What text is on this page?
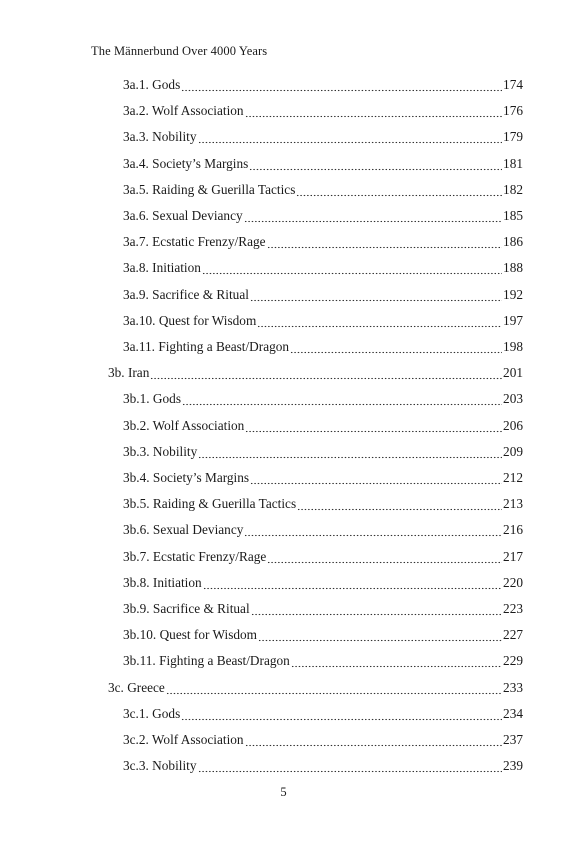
The Männerbund Over 4000 Years
3a.1. Gods	174
3a.2. Wolf Association	176
3a.3. Nobility	179
3a.4. Society’s Margins	181
3a.5. Raiding & Guerilla Tactics	182
3a.6. Sexual Deviancy	185
3a.7. Ecstatic Frenzy/Rage	186
3a.8. Initiation	188
3a.9. Sacrifice & Ritual	192
3a.10. Quest for Wisdom	197
3a.11. Fighting a Beast/Dragon	198
3b. Iran	201
3b.1. Gods	203
3b.2. Wolf Association	206
3b.3. Nobility	209
3b.4. Society’s Margins	212
3b.5. Raiding & Guerilla Tactics	213
3b.6. Sexual Deviancy	216
3b.7. Ecstatic Frenzy/Rage	217
3b.8. Initiation	220
3b.9. Sacrifice & Ritual	223
3b.10. Quest for Wisdom	227
3b.11. Fighting a Beast/Dragon	229
3c. Greece	233
3c.1. Gods	234
3c.2. Wolf Association	237
3c.3. Nobility	239
5
